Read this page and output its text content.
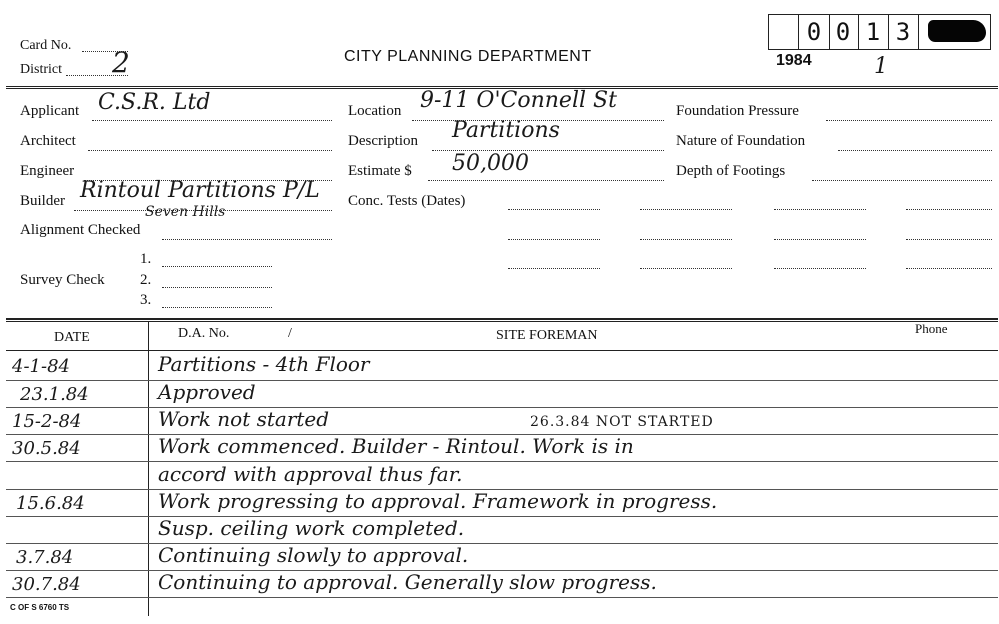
Card No.
District 2	CITY PLANNING DEPARTMENT
0 0 1 3
1984	1
Applicant C.S.R. Ltd
Architect
Engineer
Builder Rintoul Partitions P/L
Seven Hills
Alignment Checked
Survey Check
1.
2.
3.
Location 9-11 O'Connell St
Description Partitions
Estimate $ 50,000
Conc. Tests (Dates)
Foundation Pressure
Nature of Foundation
Depth of Footings
DATE	D.A. No.	/	SITE FOREMAN	Phone
4-1-84	Partitions - 4th Floor
23.1.84	Approved
15-2-84	Work not started	26.3.84 NOT STARTED
30.5.84	Work commenced. Builder - Rintoul. Work is in
accord with approval thus far.
15.6.84	Work progressing to approval. Framework in progress.
Susp. ceiling work completed.
3.7.84	Continuing slowly to approval.
30.7.84	Continuing to approval. Generally slow progress.
C OF S 6760 TS
